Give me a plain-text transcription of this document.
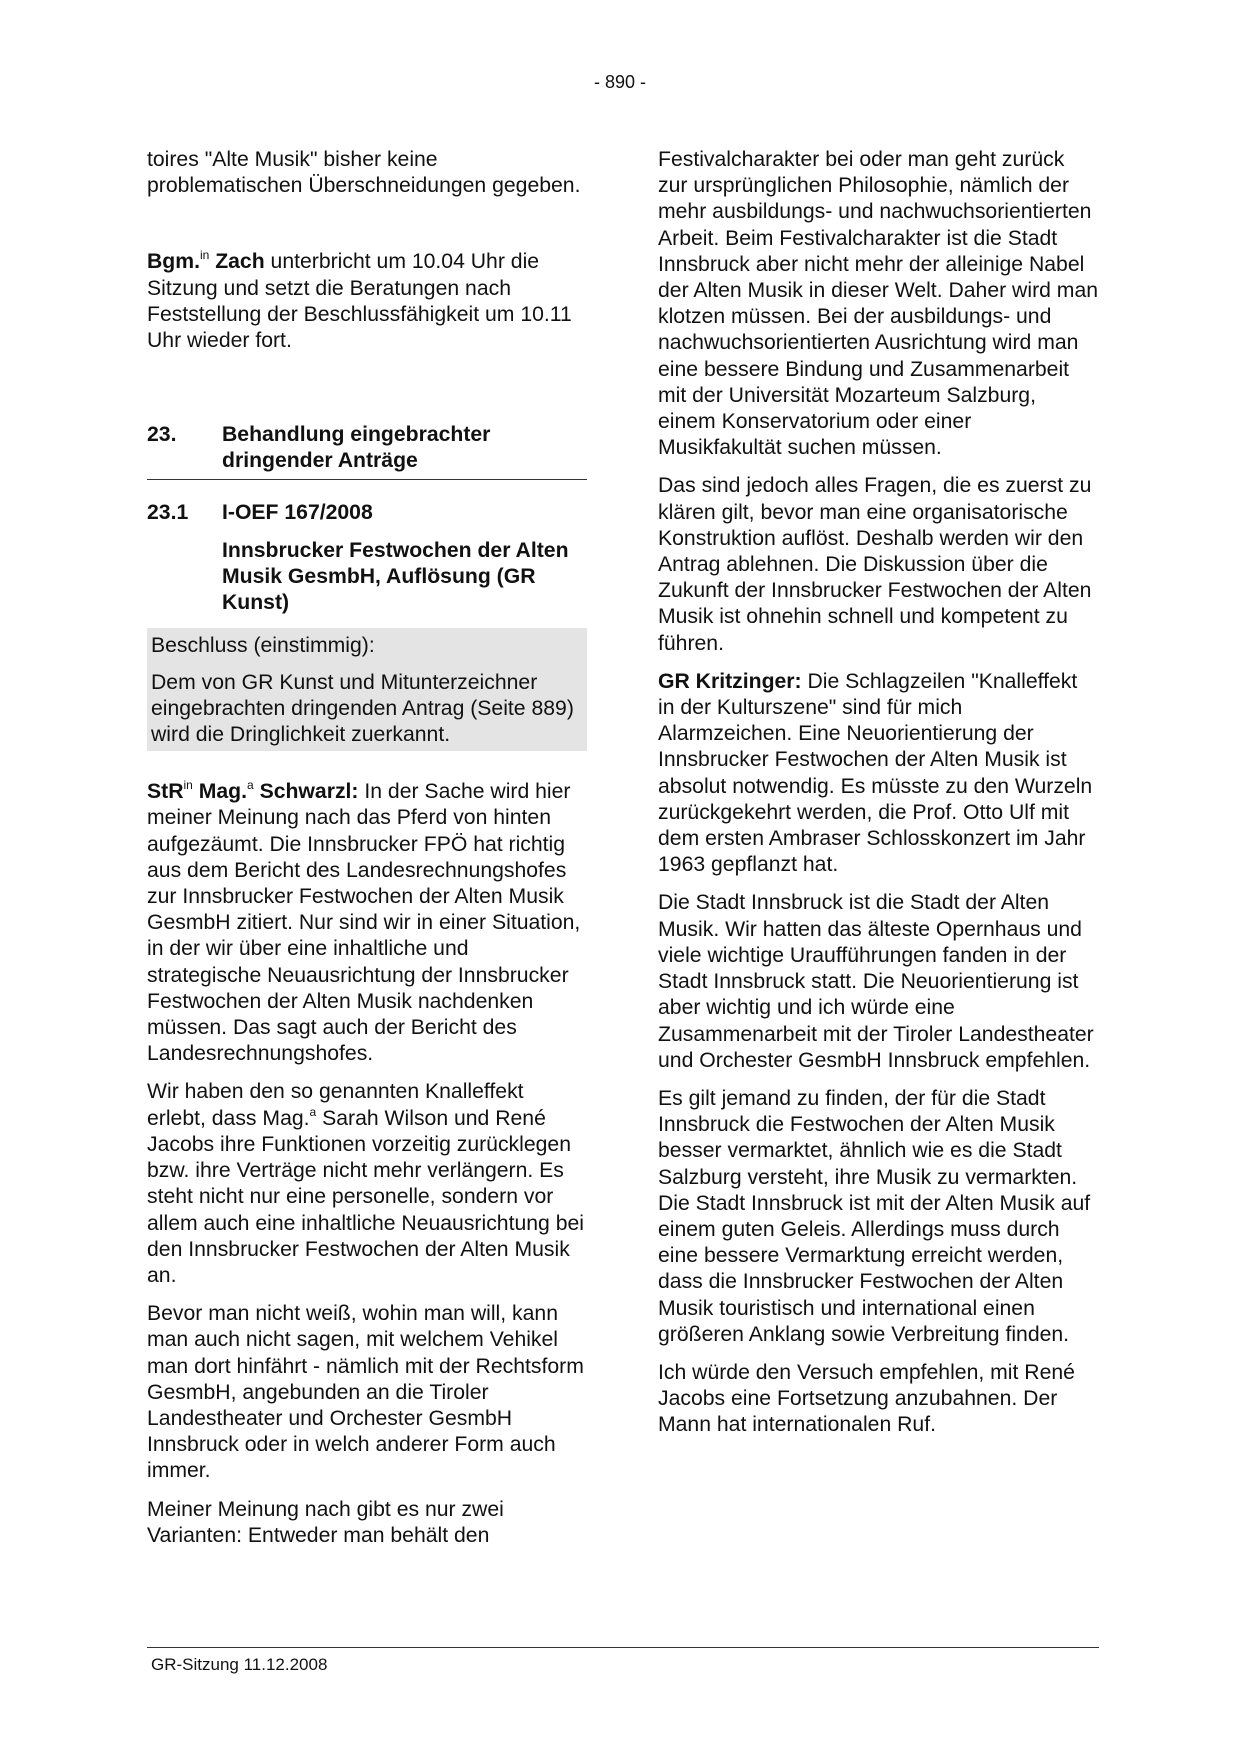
- 890 -

toires "Alte Musik" bisher keine problematischen Überschneidungen gegeben.

Bgm.$^{in}$ Zach unterbricht um 10.04 Uhr die Sitzung und setzt die Beratungen nach Feststellung der Beschlussfähigkeit um 10.11 Uhr wieder fort.

23.	Behandlung eingebrachter dringender Anträge
23.1	I-OEF 167/2008
Innsbrucker Festwochen der Alten Musik GesmbH, Auflösung (GR Kunst)

Beschluss (einstimmig):

Dem von GR Kunst und Mitunterzeichner eingebrachten dringenden Antrag (Seite 889) wird die Dringlichkeit zuerkannt.

StR$^{in}$ Mag.$^a$ Schwarzl: In der Sache wird hier meiner Meinung nach das Pferd von hinten aufgezäumt. Die Innsbrucker FPÖ hat richtig aus dem Bericht des Landesrechnungshofes zur Innsbrucker Festwochen der Alten Musik GesmbH zitiert. Nur sind wir in einer Situation, in der wir über eine inhaltliche und strategische Neuausrichtung der Innsbrucker Festwochen der Alten Musik nachdenken müssen. Das sagt auch der Bericht des Landesrechnungshofes.

Wir haben den so genannten Knalleffekt erlebt, dass Mag.$^a$ Sarah Wilson und René Jacobs ihre Funktionen vorzeitig zurücklegen bzw. ihre Verträge nicht mehr verlängern. Es steht nicht nur eine personelle, sondern vor allem auch eine inhaltliche Neuausrichtung bei den Innsbrucker Festwochen der Alten Musik an.

Bevor man nicht weiß, wohin man will, kann man auch nicht sagen, mit welchem Vehikel man dort hinfährt - nämlich mit der Rechtsform GesmbH, angebunden an die Tiroler Landestheater und Orchester GesmbH Innsbruck oder in welch anderer Form auch immer.

Meiner Meinung nach gibt es nur zwei Varianten: Entweder man behält den

Festivalcharakter bei oder man geht zurück zur ursprünglichen Philosophie, nämlich der mehr ausbildungs- und nachwuchsorientierten Arbeit. Beim Festivalcharakter ist die Stadt Innsbruck aber nicht mehr der alleinige Nabel der Alten Musik in dieser Welt. Daher wird man klotzen müssen. Bei der ausbildungs- und nachwuchsorientierten Ausrichtung wird man eine bessere Bindung und Zusammenarbeit mit der Universität Mozarteum Salzburg, einem Konservatorium oder einer Musikfakultät suchen müssen.

Das sind jedoch alles Fragen, die es zuerst zu klären gilt, bevor man eine organisatorische Konstruktion auflöst. Deshalb werden wir den Antrag ablehnen. Die Diskussion über die Zukunft der Innsbrucker Festwochen der Alten Musik ist ohnehin schnell und kompetent zu führen.

GR Kritzinger: Die Schlagzeilen "Knalleffekt in der Kulturszene" sind für mich Alarmzeichen. Eine Neuorientierung der Innsbrucker Festwochen der Alten Musik ist absolut notwendig. Es müsste zu den Wurzeln zurückgekehrt werden, die Prof. Otto Ulf mit dem ersten Ambraser Schlosskonzert im Jahr 1963 gepflanzt hat.

Die Stadt Innsbruck ist die Stadt der Alten Musik. Wir hatten das älteste Opernhaus und viele wichtige Uraufführungen fanden in der Stadt Innsbruck statt. Die Neuorientierung ist aber wichtig und ich würde eine Zusammenarbeit mit der Tiroler Landestheater und Orchester GesmbH Innsbruck empfehlen.

Es gilt jemand zu finden, der für die Stadt Innsbruck die Festwochen der Alten Musik besser vermarktet, ähnlich wie es die Stadt Salzburg versteht, ihre Musik zu vermarkten. Die Stadt Innsbruck ist mit der Alten Musik auf einem guten Geleis. Allerdings muss durch eine bessere Vermarktung erreicht werden, dass die Innsbrucker Festwochen der Alten Musik touristisch und international einen größeren Anklang sowie Verbreitung finden.

Ich würde den Versuch empfehlen, mit René Jacobs eine Fortsetzung anzubahnen. Der Mann hat internationalen Ruf.

GR-Sitzung 11.12.2008
